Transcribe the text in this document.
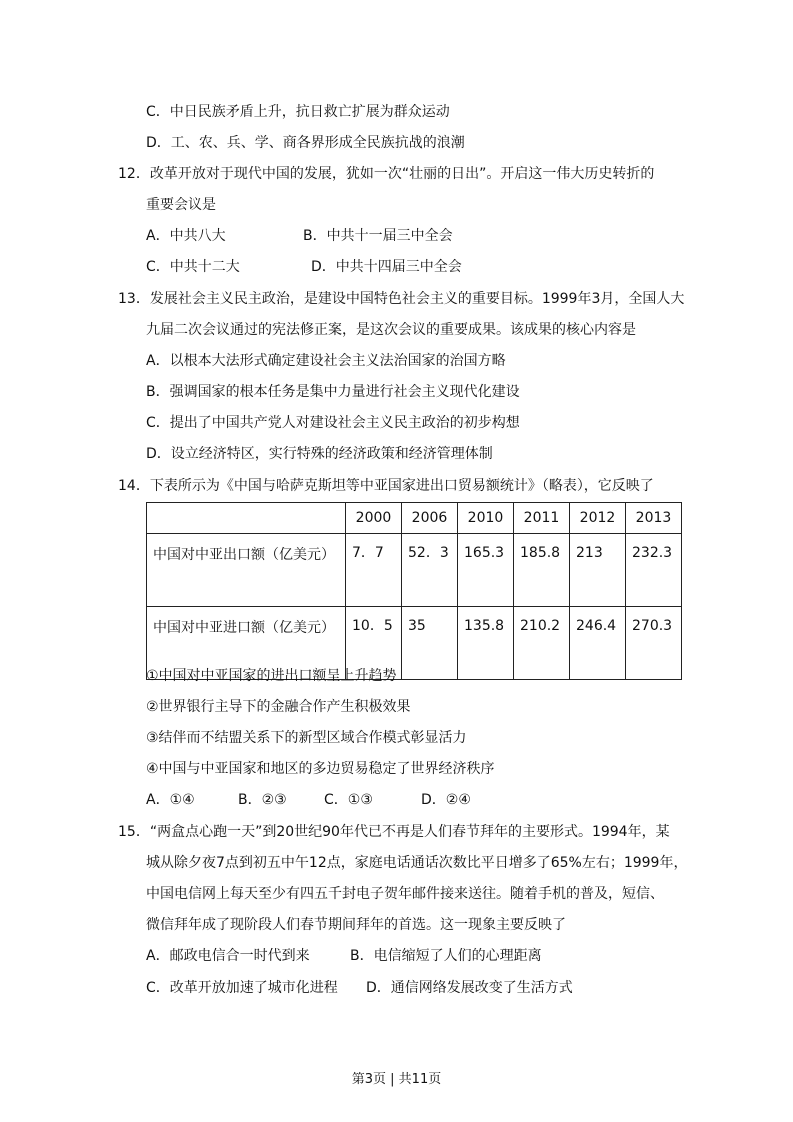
C．中日民族矛盾上升，抗日救亡扩展为群众运动
D．工、农、兵、学、商各界形成全民族抗战的浪潮
12．改革开放对于现代中国的发展，犹如一次“壮丽的日出”。开启这一伟大历史转折的
重要会议是
A．中共八大	B．中共十一届三中全会
C．中共十二大	D．中共十四届三中全会
13．发展社会主义民主政治，是建设中国特色社会主义的重要目标。1999年3月，全国人大
九届二次会议通过的宪法修正案，是这次会议的重要成果。该成果的核心内容是
A．以根本大法形式确定建设社会主义法治国家的治国方略
B．强调国家的根本任务是集中力量进行社会主义现代化建设
C．提出了中国共产党人对建设社会主义民主政治的初步构想
D．设立经济特区，实行特殊的经济政策和经济管理体制
14．下表所示为《中国与哈萨克斯坦等中亚国家进出口贸易额统计》（略表），它反映了
	2000	2006	2010	2011	2012	2013
中国对中亚出口额（亿美元）	7．7	52．3	165.3	185.8	213	232.3

中国对中亚进口额（亿美元）	10．5	35	135.8	210.2	246.4	270.3
①中国对中亚国家的进出口额呈上升趋势
②世界银行主导下的金融合作产生积极效果
③结伴而不结盟关系下的新型区域合作模式彰显活力
④中国与中亚国家和地区的多边贸易稳定了世界经济秩序
A．①④	B．②③	C．①③	D．②④
15．“两盒点心跑一天”到20世纪90年代已不再是人们春节拜年的主要形式。1994年，某
城从除夕夜7点到初五中午12点，家庭电话通话次数比平日增多了65%左右；1999年，
中国电信网上每天至少有四五千封电子贺年邮件接来送往。随着手机的普及，短信、
微信拜年成了现阶段人们春节期间拜年的首选。这一现象主要反映了
A．邮政电信合一时代到来	B．电信缩短了人们的心理距离
C．改革开放加速了城市化进程 D．通信网络发展改变了生活方式
第3页 | 共11页
